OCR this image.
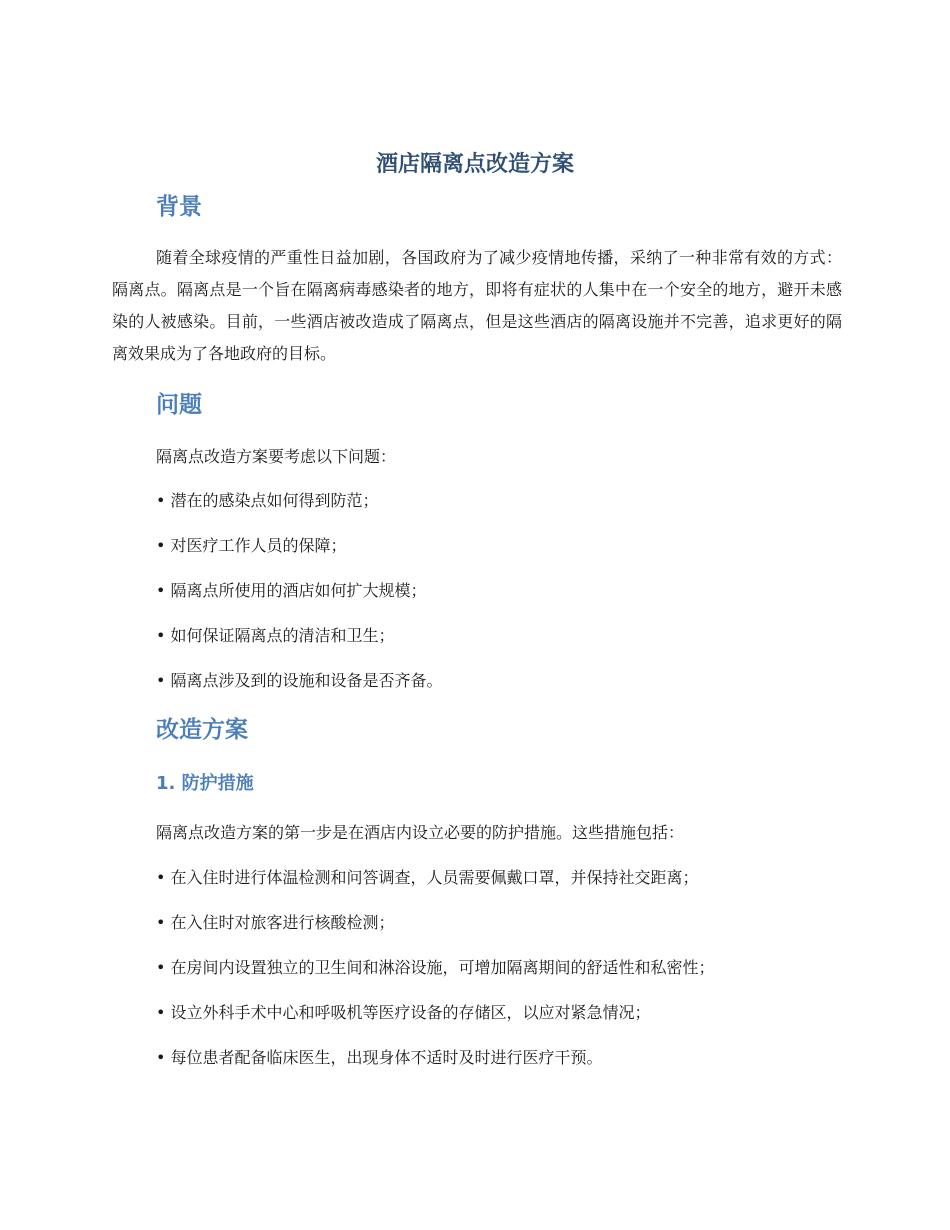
酒店隔离点改造方案
背景

随着全球疫情的严重性日益加剧，各国政府为了减少疫情地传播，采纳了一种非常有效的方式：隔离点。隔离点是一个旨在隔离病毒感染者的地方，即将有症状的人集中在一个安全的地方，避开未感染的人被感染。目前，一些酒店被改造成了隔离点，但是这些酒店的隔离设施并不完善，追求更好的隔离效果成为了各地政府的目标。

问题

隔离点改造方案要考虑以下问题：

• 潜在的感染点如何得到防范；

• 对医疗工作人员的保障；

• 隔离点所使用的酒店如何扩大规模；

• 如何保证隔离点的清洁和卫生；

• 隔离点涉及到的设施和设备是否齐备。

改造方案
1. 防护措施

隔离点改造方案的第一步是在酒店内设立必要的防护措施。这些措施包括：

• 在入住时进行体温检测和问答调查，人员需要佩戴口罩，并保持社交距离；

• 在入住时对旅客进行核酸检测；

• 在房间内设置独立的卫生间和淋浴设施，可增加隔离期间的舒适性和私密性；

• 设立外科手术中心和呼吸机等医疗设备的存储区，以应对紧急情况；

• 每位患者配备临床医生，出现身体不适时及时进行医疗干预。
